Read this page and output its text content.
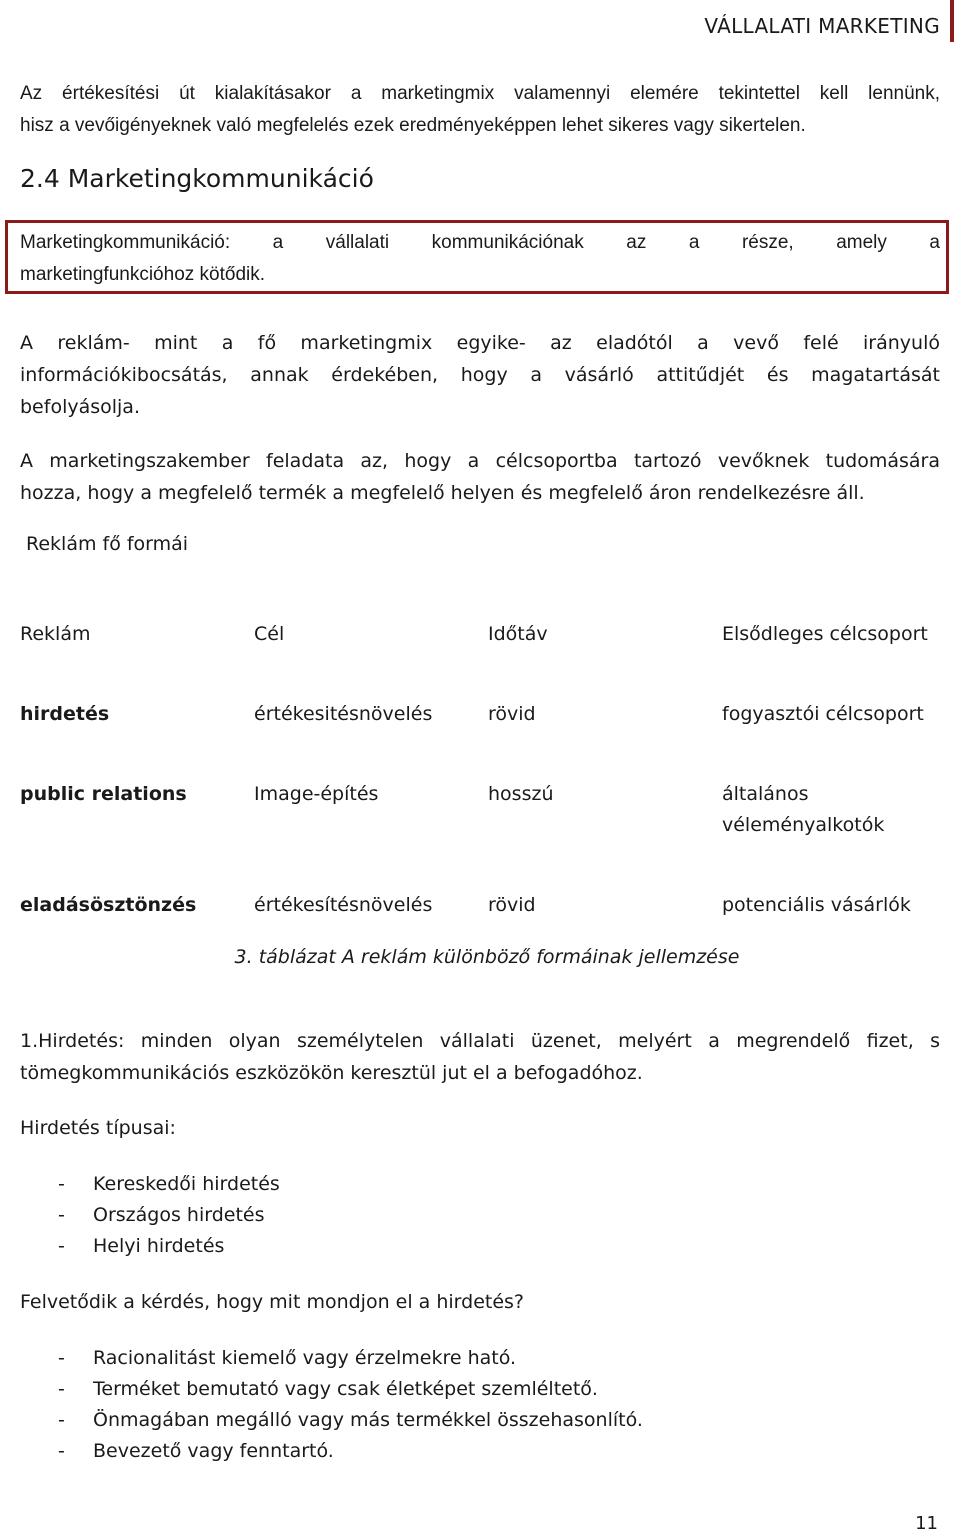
VÁLLALATI MARKETING
Az értékesítési út kialakításakor a marketingmix valamennyi elemére tekintettel kell lennünk,
hisz a vevőigényeknek való megfelelés ezek eredményeképpen lehet sikeres vagy sikertelen.
2.4 Marketingkommunikáció
Marketingkommunikáció: a vállalati kommunikációnak az a része, amely a
marketingfunkcióhoz kötődik.
A reklám- mint a fő marketingmix egyike- az eladótól a vevő felé irányuló
információkibocsátás, annak érdekében, hogy a vásárló attitűdjét és magatartását
befolyásolja.
A marketingszakember feladata az, hogy a célcsoportba tartozó vevőknek tudomására
hozza, hogy a megfelelő termék a megfelelő helyen és megfelelő áron rendelkezésre áll.
Reklám fő formái
Reklám	Cél	Időtáv	Elsődleges célcsoport
hirdetés	értékesitésnövelés	rövid	fogyasztói célcsoport
public relations	Image-építés	hosszú	általános véleményalkotók
eladásösztönzés	értékesítésnövelés	rövid	potenciális vásárlók
3. táblázat A reklám különböző formáinak jellemzése
1.Hirdetés: minden olyan személytelen vállalati üzenet, melyért a megrendelő fizet, s
tömegkommunikációs eszközökön keresztül jut el a befogadóhoz.
Hirdetés típusai:
-	Kereskedői hirdetés
-	Országos hirdetés
-	Helyi hirdetés
Felvetődik a kérdés, hogy mit mondjon el a hirdetés?
-	Racionalitást kiemelő vagy érzelmekre ható.
-	Terméket bemutató vagy csak életképet szemléltető.
-	Önmagában megálló vagy más termékkel összehasonlító.
-	Bevezető vagy fenntartó.
11
